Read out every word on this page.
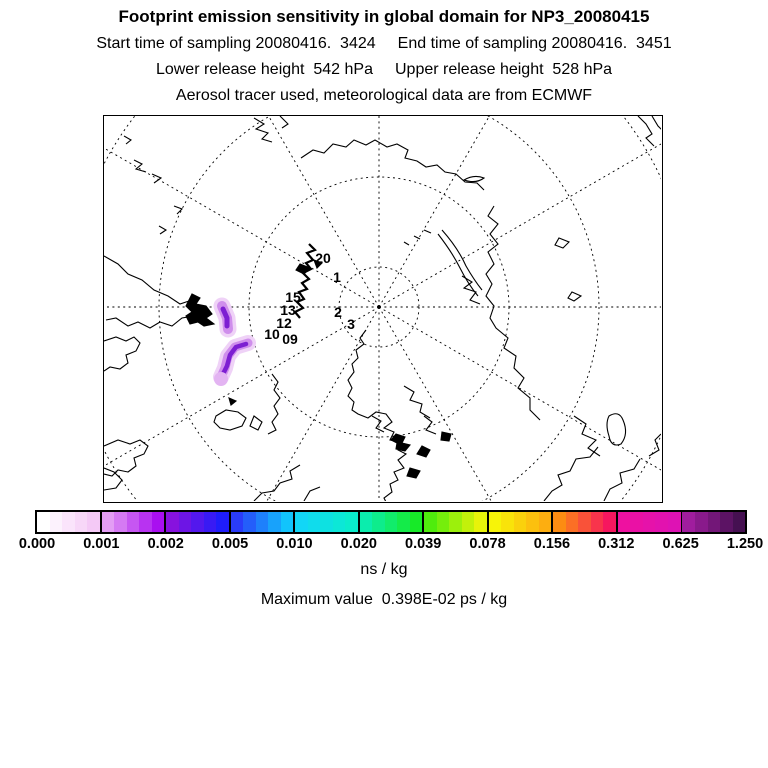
Footprint emission sensitivity in global domain for NP3_20080415
Start time of sampling 20080416.  3424 End time of sampling 20080416.  3451
Lower release height  542 hPa Upper release height  528 hPa
Aerosol tracer used, meteorological data are from ECMWF
20
1
15
13	2
12	3
10 09
0.000 0.001 0.002 0.005 0.010 0.020 0.039 0.078 0.156 0.312 0.625 1.250
ns / kg
Maximum value  0.398E-02 ps / kg
